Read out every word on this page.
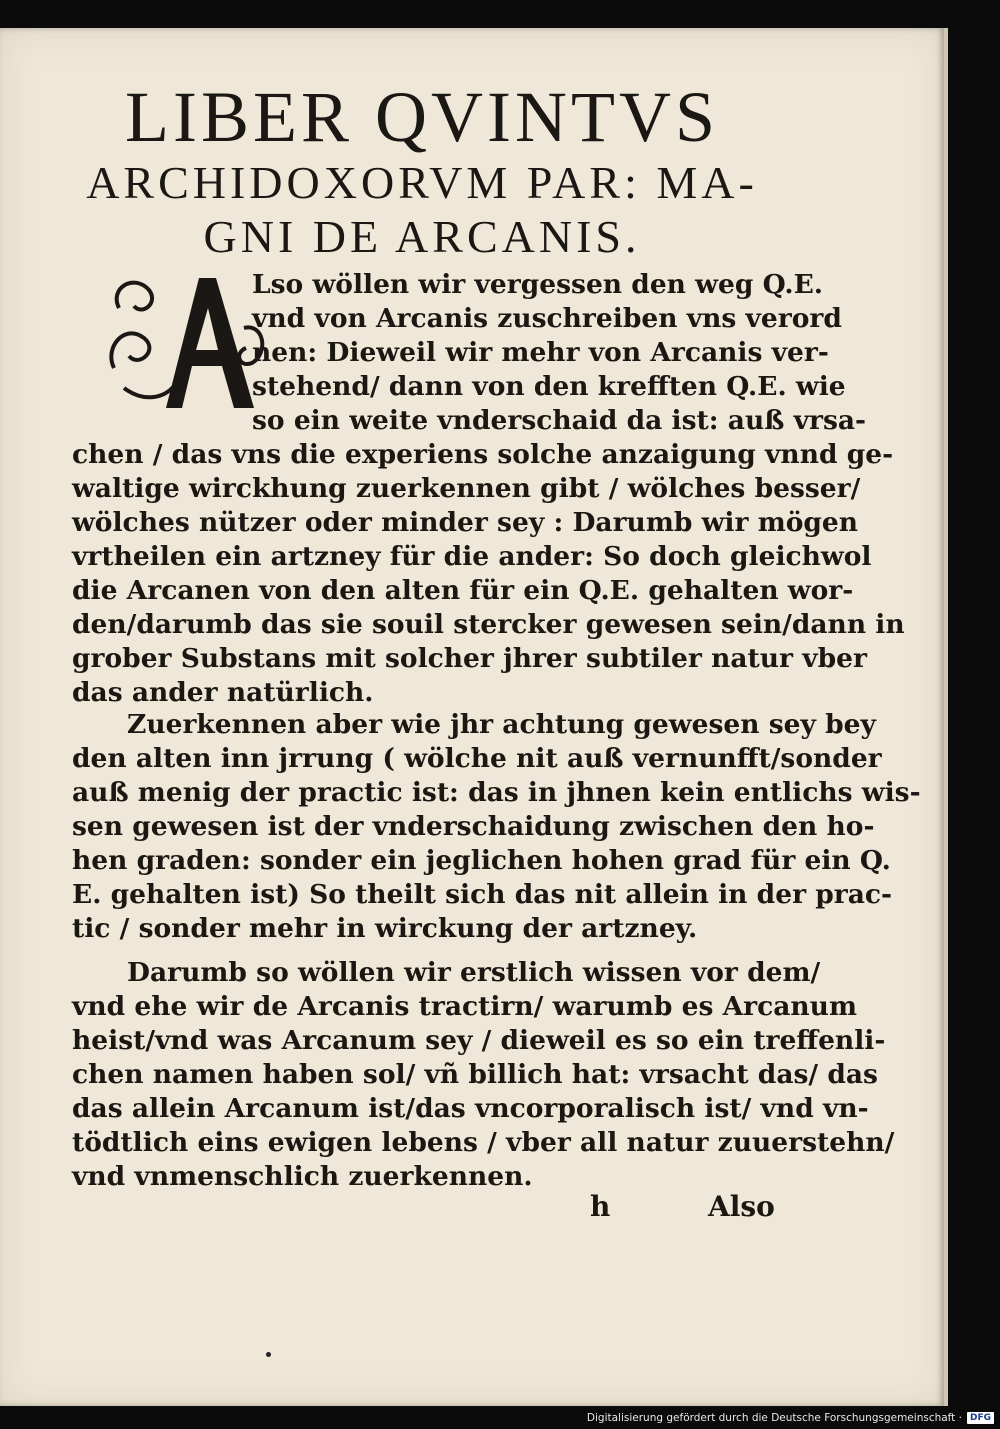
LIBER QVINTVS
ARCHIDOXORVM PAR: MA-
GNI DE ARCANIS.
Lso wöllen wir vergessen den weg Q.E.
vnd von Arcanis zuschreiben vns verord
nen: Dieweil wir mehr von Arcanis ver-
stehend/ dann von den krefften Q.E. wie
so ein weite vnderschaid da ist: auß vrsa-
chen / das vns die experiens solche anzaigung vnnd ge-
waltige wirckhung zuerkennen gibt / wölches besser/
wölches nützer oder minder sey : Darumb wir mögen
vrtheilen ein artzney für die ander: So doch gleichwol
die Arcanen von den alten für ein Q.E. gehalten wor-
den/darumb das sie souil stercker gewesen sein/dann in
grober Substans mit solcher jhrer subtiler natur vber
das ander natürlich.
Zuerkennen aber wie jhr achtung gewesen sey bey
den alten inn jrrung ( wölche nit auß vernunfft/sonder
auß menig der practic ist: das in jhnen kein entlichs wis-
sen gewesen ist der vnderschaidung zwischen den ho-
hen graden: sonder ein jeglichen hohen grad für ein Q.
E. gehalten ist) So theilt sich das nit allein in der prac-
tic / sonder mehr in wirckung der artzney.
Darumb so wöllen wir erstlich wissen vor dem/
vnd ehe wir de Arcanis tractirn/ warumb es Arcanum
heist/vnd was Arcanum sey / dieweil es so ein treffenli-
chen namen haben sol/ vñ billich hat: vrsacht das/ das
das allein Arcanum ist/das vncorporalisch ist/ vnd vn-
tödtlich eins ewigen lebens / vber all natur zuuerstehn/
vnd vnmenschlich zuerkennen.
h	Also
Digitalisierung gefördert durch die Deutsche Forschungsgemeinschaft · DFG
